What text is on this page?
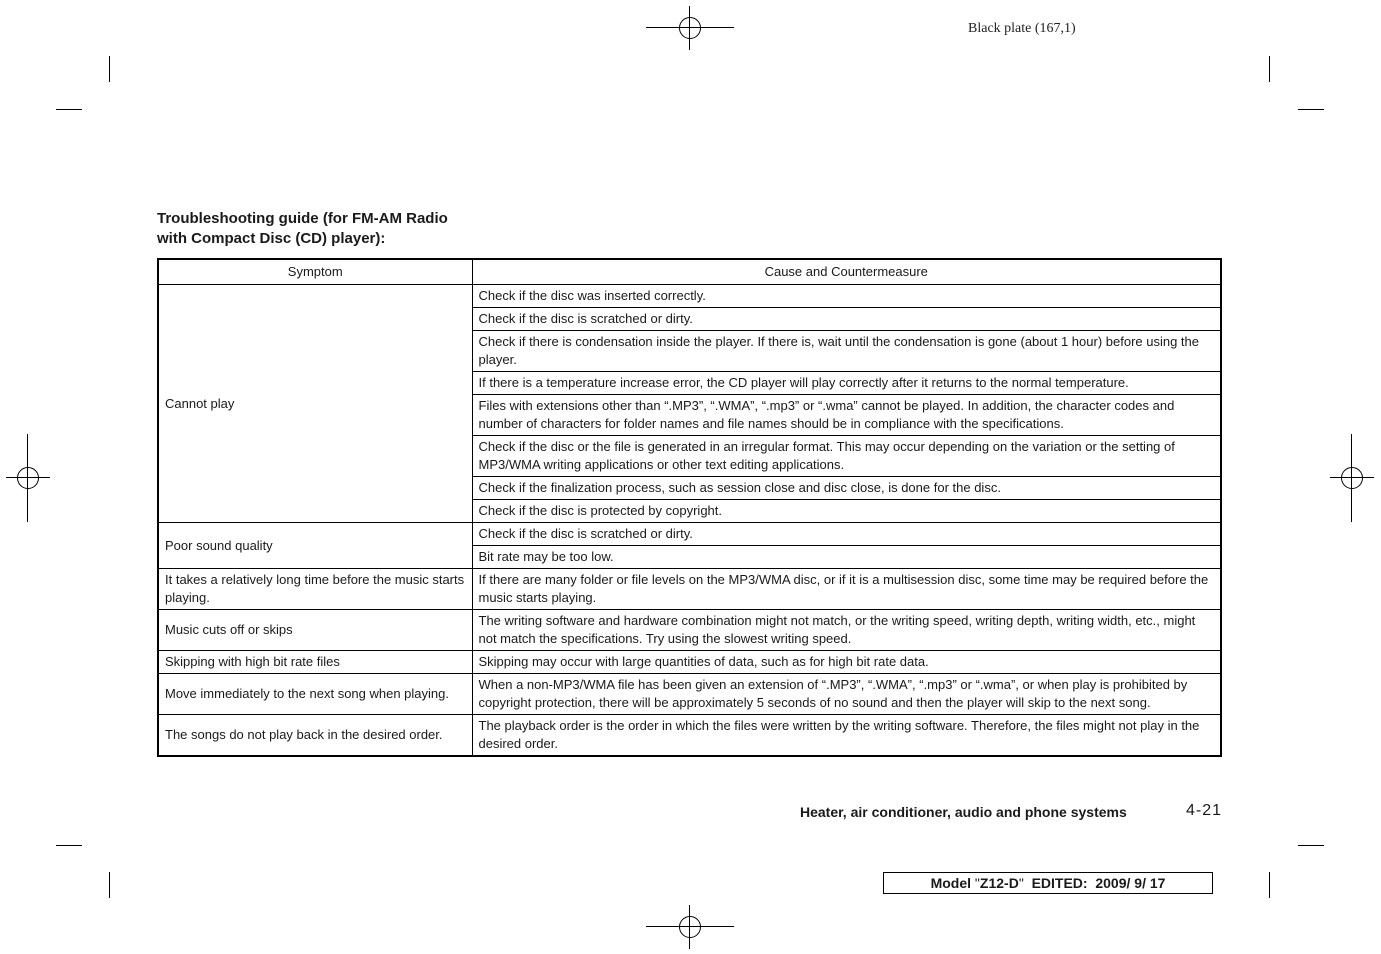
Black plate (167,1)
Troubleshooting guide (for FM-AM Radio
with Compact Disc (CD) player):
Symptom	Cause and Countermeasure
Cannot play	Check if the disc was inserted correctly.
	Check if the disc is scratched or dirty.
	Check if there is condensation inside the player. If there is, wait until the condensation is gone (about 1 hour) before using the player.
	If there is a temperature increase error, the CD player will play correctly after it returns to the normal temperature.
	Files with extensions other than “.MP3”, “.WMA”, “.mp3” or “.wma” cannot be played. In addition, the character codes and number of characters for folder names and file names should be in compliance with the specifications.
	Check if the disc or the file is generated in an irregular format. This may occur depending on the variation or the setting of MP3/WMA writing applications or other text editing applications.
	Check if the finalization process, such as session close and disc close, is done for the disc.
	Check if the disc is protected by copyright.
Poor sound quality	Check if the disc is scratched or dirty.
	Bit rate may be too low.
It takes a relatively long time before the music starts playing.	If there are many folder or file levels on the MP3/WMA disc, or if it is a multisession disc, some time may be required before the music starts playing.
Music cuts off or skips	The writing software and hardware combination might not match, or the writing speed, writing depth, writing width, etc., might not match the specifications. Try using the slowest writing speed.
Skipping with high bit rate files	Skipping may occur with large quantities of data, such as for high bit rate data.
Move immediately to the next song when playing.	When a non-MP3/WMA file has been given an extension of “.MP3”, “.WMA”, “.mp3” or “.wma”, or when play is prohibited by copyright protection, there will be approximately 5 seconds of no sound and then the player will skip to the next song.
The songs do not play back in the desired order.	The playback order is the order in which the files were written by the writing software. Therefore, the files might not play in the desired order.
Heater, air conditioner, audio and phone systems	4-21
Model "Z12-D" EDITED: 2009/ 9/ 17
